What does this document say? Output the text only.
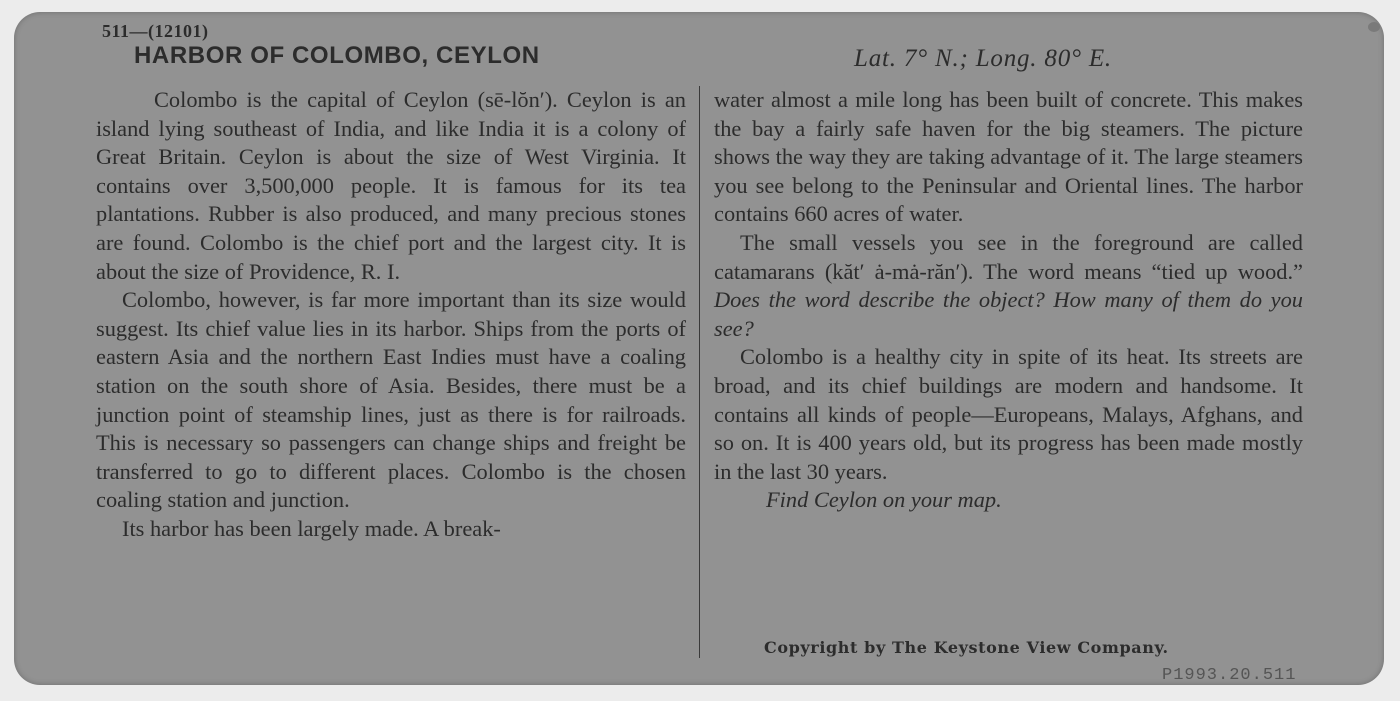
511—(12101)
HARBOR OF COLOMBO, CEYLON	Lat. 7° N.; Long. 80° E.

Colombo is the capital of Ceylon (sē-lŏn′). Ceylon is an island lying southeast of India, and like India it is a colony of Great Britain. Ceylon is about the size of West Virginia. It contains over 3,500,000 people. It is famous for its tea plantations. Rubber is also produced, and many precious stones are found. Colombo is the chief port and the largest city. It is about the size of Providence, R. I.

Colombo, however, is far more important than its size would suggest. Its chief value lies in its harbor. Ships from the ports of eastern Asia and the northern East Indies must have a coaling station on the south shore of Asia. Besides, there must be a junction point of steamship lines, just as there is for railroads. This is necessary so passengers can change ships and freight be transferred to go to different places. Colombo is the chosen coaling station and junction.

Its harbor has been largely made. A break-

water almost a mile long has been built of concrete. This makes the bay a fairly safe haven for the big steamers. The picture shows the way they are taking advantage of it. The large steamers you see belong to the Peninsular and Oriental lines. The harbor contains 660 acres of water.

The small vessels you see in the foreground are called catamarans (kăt′ ȧ-mȧ-răn′). The word means “tied up wood.” Does the word describe the object? How many of them do you see?

Colombo is a healthy city in spite of its heat. Its streets are broad, and its chief buildings are modern and handsome. It contains all kinds of people—Europeans, Malays, Afghans, and so on. It is 400 years old, but its progress has been made mostly in the last 30 years.

Find Ceylon on your map.

Copyright by The Keystone View Company.
P1993.20.511
